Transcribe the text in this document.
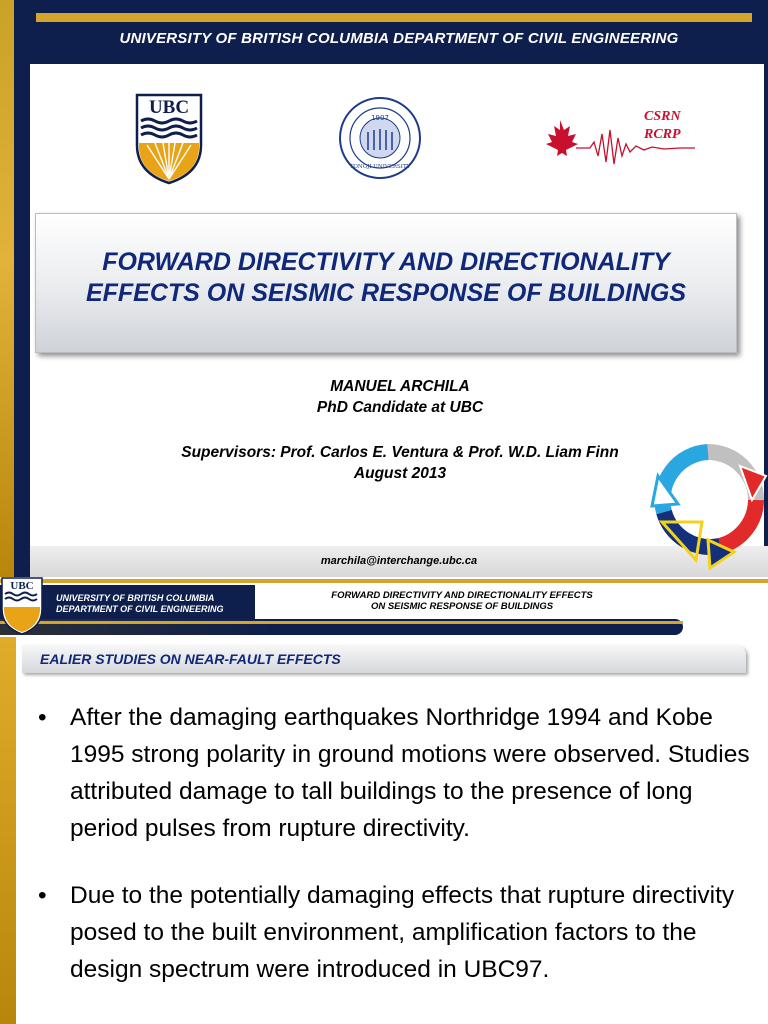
UNIVERSITY OF BRITISH COLUMBIA DEPARTMENT OF CIVIL ENGINEERING
UBC	1907
TONGJI UNIVERSITY
CSRN
RCRP
FORWARD DIRECTIVITY AND DIRECTIONALITY
EFFECTS ON SEISMIC RESPONSE OF BUILDINGS
MANUEL ARCHILA
PhD Candidate at UBC
Supervisors: Prof. Carlos E. Ventura & Prof. W.D. Liam Finn
August 2013
marchila@interchange.ubc.ca
UBC
UNIVERSITY OF BRITISH COLUMBIA
DEPARTMENT OF CIVIL ENGINEERING
FORWARD DIRECTIVITY AND DIRECTIONALITY EFFECTS
ON SEISMIC RESPONSE OF BUILDINGS
EALIER STUDIES ON NEAR-FAULT EFFECTS
• After the damaging earthquakes Northridge 1994 and Kobe 1995 strong polarity in ground motions were observed. Studies attributed damage to tall buildings to the presence of long period pulses from rupture directivity.
• Due to the potentially damaging effects that rupture directivity posed to the built environment, amplification factors to the design spectrum were introduced in UBC97.
